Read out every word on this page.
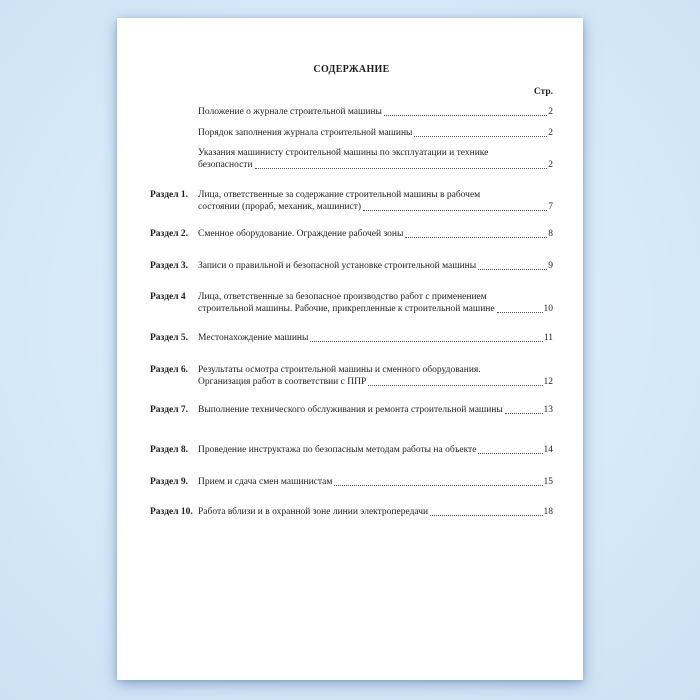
СОДЕРЖАНИЕ
Стр.
Положение о журнале строительной машины	2
Порядок заполнения журнала строительной машины	2
Указания машинисту строительной машины по эксплуатации и технике
безопасности	2
Раздел 1.	Лица, ответственные за содержание строительной машины в рабочем
состоянии (прораб, механик, машинист)	7
Раздел 2.	Сменное оборудование. Ограждение рабочей зоны	8
Раздел 3.	Записи о правильной и безопасной установке строительной машины	9
Раздел 4	Лица, ответственные за безопасное производство работ с применением
строительной машины. Рабочие, прикрепленные к строительной машине	10
Раздел 5.	Местонахождение машины	11
Раздел 6.	Результаты осмотра строительной машины и сменного оборудования.
Организация работ в соответствии с ППР	12
Раздел 7.	Выполнение технического обслуживания и ремонта строительной машины	13
Раздел 8.	Проведение инструктажа по безопасным методам работы на объекте	14
Раздел 9.	Прием и сдача смен машинистам	15
Раздел 10. Работа вблизи и в охранной зоне линии электропередачи	18
